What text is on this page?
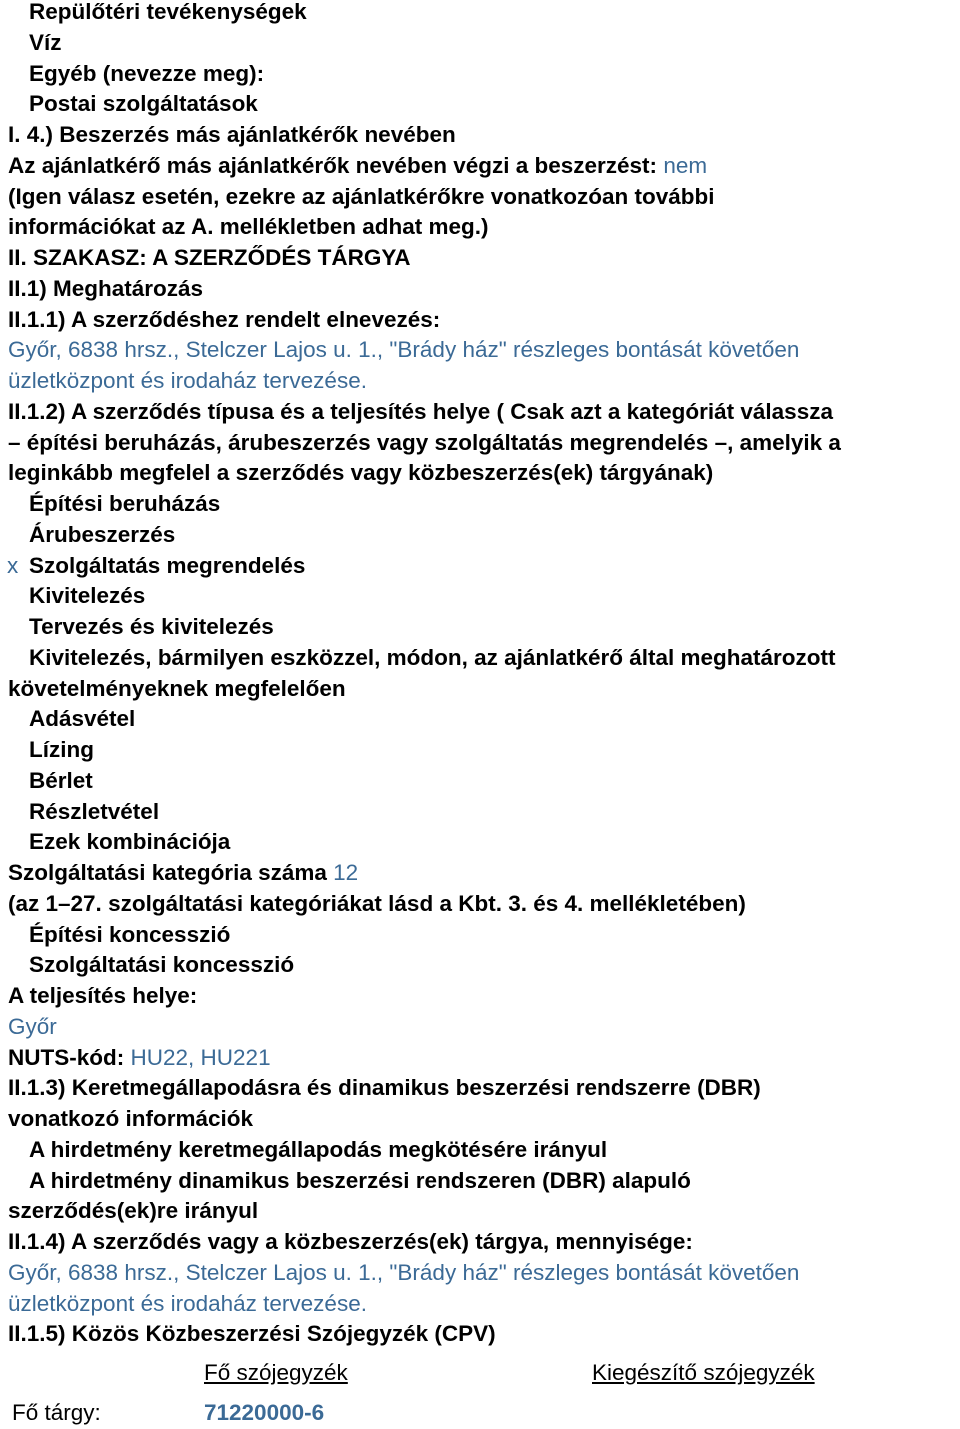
Repülőtéri tevékenységek
Víz
Egyéb (nevezze meg):
Postai szolgáltatások
I. 4.) Beszerzés más ajánlatkérők nevében
Az ajánlatkérő más ajánlatkérők nevében végzi a beszerzést: nem
(Igen válasz esetén, ezekre az ajánlatkérőkre vonatkozóan további
információkat az A. mellékletben adhat meg.)
II. SZAKASZ: A SZERZŐDÉS TÁRGYA
II.1) Meghatározás
II.1.1) A szerződéshez rendelt elnevezés:
Győr, 6838 hrsz., Stelczer Lajos u. 1., "Brády ház" részleges bontását követően
üzletközpont és irodaház tervezése.
II.1.2) A szerződés típusa és a teljesítés helye ( Csak azt a kategóriát válassza
– építési beruházás, árubeszerzés vagy szolgáltatás megrendelés –, amelyik a
leginkább megfelel a szerződés vagy közbeszerzés(ek) tárgyának)
Építési beruházás
Árubeszerzés
x Szolgáltatás megrendelés
Kivitelezés
Tervezés és kivitelezés
Kivitelezés, bármilyen eszközzel, módon, az ajánlatkérő által meghatározott
követelményeknek megfelelően
Adásvétel
Lízing
Bérlet
Részletvétel
Ezek kombinációja
Szolgáltatási kategória száma 12
(az 1–27. szolgáltatási kategóriákat lásd a Kbt. 3. és 4. mellékletében)
Építési koncesszió
Szolgáltatási koncesszió
A teljesítés helye:
Győr
NUTS-kód: HU22, HU221
II.1.3) Keretmegállapodásra és dinamikus beszerzési rendszerre (DBR)
vonatkozó információk
A hirdetmény keretmegállapodás megkötésére irányul
A hirdetmény dinamikus beszerzési rendszeren (DBR) alapuló
szerződés(ek)re irányul
II.1.4) A szerződés vagy a közbeszerzés(ek) tárgya, mennyisége:
Győr, 6838 hrsz., Stelczer Lajos u. 1., "Brády ház" részleges bontását követően
üzletközpont és irodaház tervezése.
II.1.5) Közös Közbeszerzési Szójegyzék (CPV)
Fő szójegyzék	Kiegészítő szójegyzék
Fő tárgy:	71220000-6
